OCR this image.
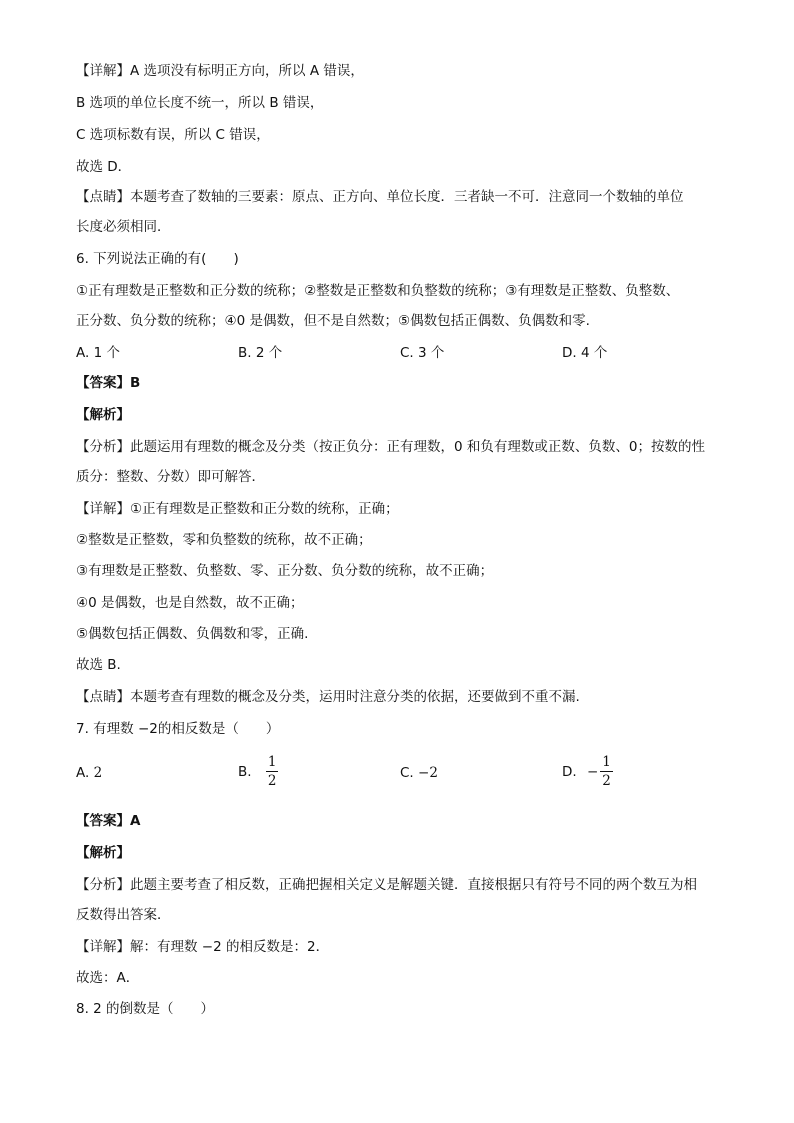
【详解】A 选项没有标明正方向，所以 A 错误，
B 选项的单位长度不统一，所以 B 错误，
C 选项标数有误，所以 C 错误，
故选 D．
【点睛】本题考查了数轴的三要素：原点、正方向、单位长度．三者缺一不可．注意同一个数轴的单位
长度必须相同．
6. 下列说法正确的有(　　)
①正有理数是正整数和正分数的统称；②整数是正整数和负整数的统称；③有理数是正整数、负整数、
正分数、负分数的统称；④0 是偶数，但不是自然数；⑤偶数包括正偶数、负偶数和零.
A. 1 个	B. 2 个	C. 3 个	D. 4 个
【答案】B
【解析】
【分析】此题运用有理数的概念及分类（按正负分：正有理数，0 和负有理数或正数、负数、0；按数的性
质分：整数、分数）即可解答．
【详解】①正有理数是正整数和正分数的统称，正确；
②整数是正整数，零和负整数的统称，故不正确；
③有理数是正整数、负整数、零、正分数、负分数的统称，故不正确；
④0 是偶数，也是自然数，故不正确；
⑤偶数包括正偶数、负偶数和零，正确.
故选 B.
【点睛】本题考查有理数的概念及分类，运用时注意分类的依据，还要做到不重不漏.
7. 有理数 −2的相反数是（　　）
A. 2	B. $\frac{1}{2}$	C. −2	D. − $\frac{1}{2}$
【答案】A
【解析】
【分析】此题主要考查了相反数，正确把握相关定义是解题关键．直接根据只有符号不同的两个数互为相
反数得出答案．
【详解】解：有理数 −2 的相反数是：2．
故选：A．
8. 2 的倒数是（　　）
